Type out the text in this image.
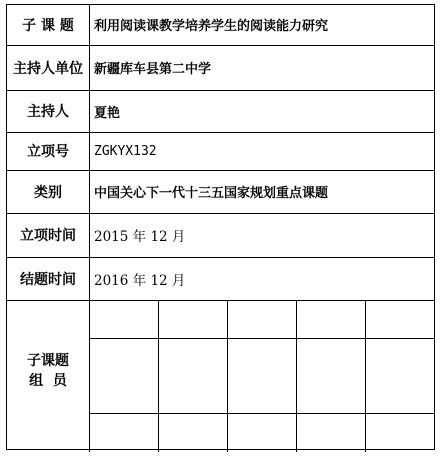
子 课 题	利用阅读课教学培养学生的阅读能力研究
主持人单位	新疆库车县第二中学
主持人	夏艳
立项号	ZGKYX132
类别	中国关心下一代十三五国家规划重点课题
立项时间	2015 年 12 月
结题时间	2016 年 12 月

子课题
组  员
